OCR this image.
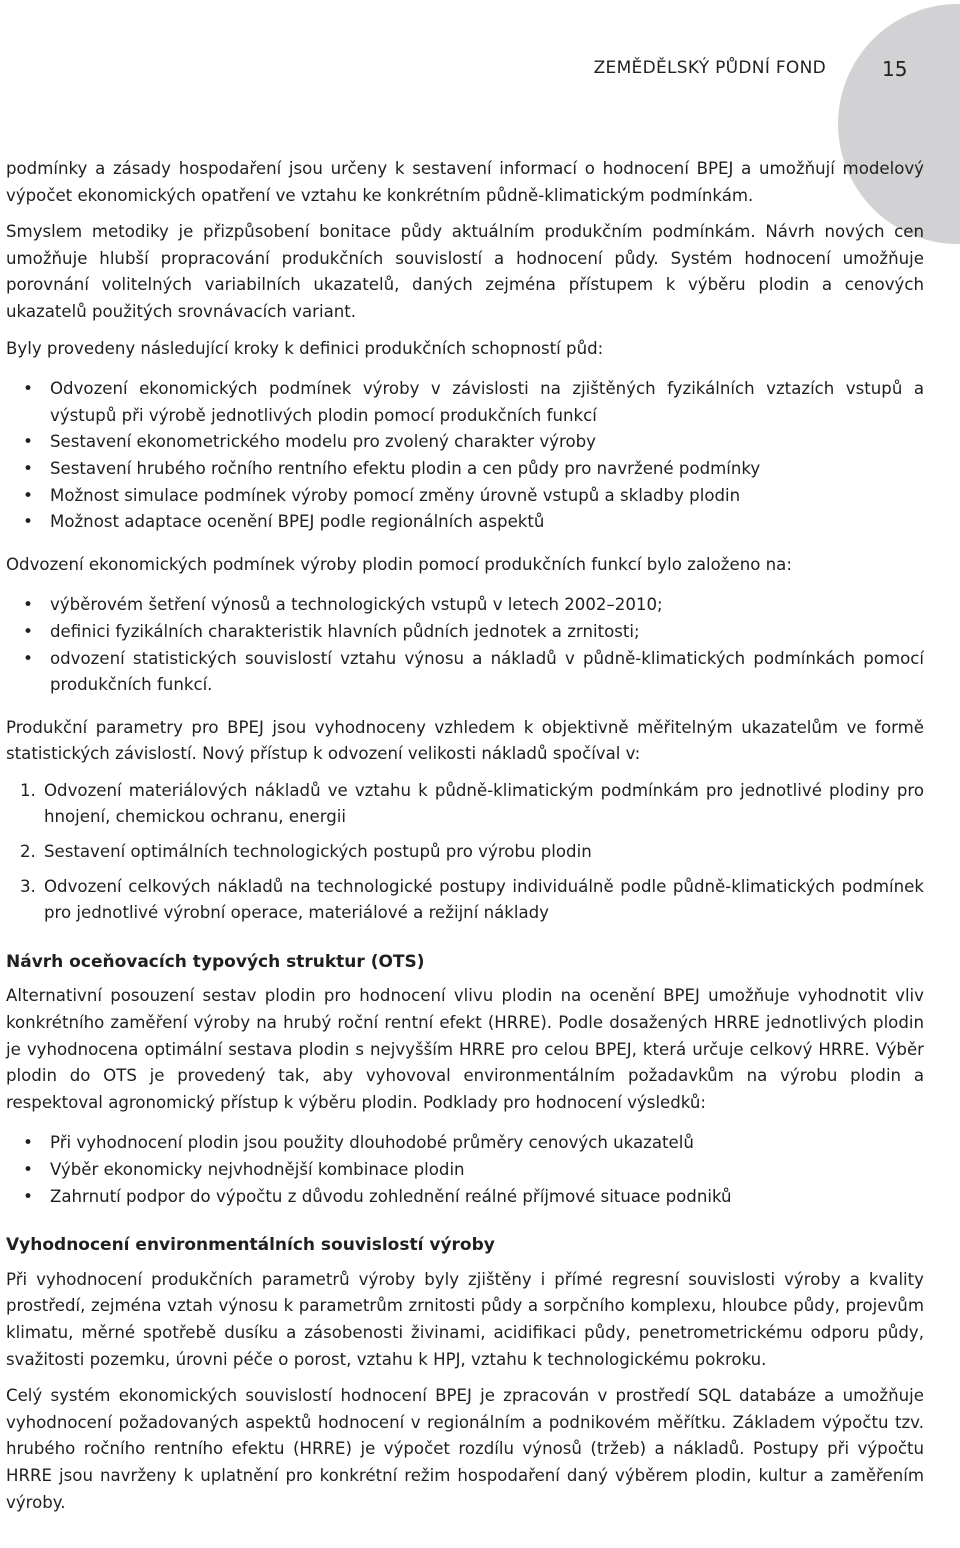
ZEMĚDĚLSKÝ PŮDNÍ FOND	15

podmínky a zásady hospodaření jsou určeny k sestavení informací o hodnocení BPEJ a umožňují modelový výpočet ekonomických opatření ve vztahu ke konkrétním půdně-klimatickým podmínkám.

Smyslem metodiky je přizpůsobení bonitace půdy aktuálním produkčním podmínkám. Návrh nových cen umožňuje hlubší propracování produkčních souvislostí a hodnocení půdy. Systém hodnocení umožňuje porovnání volitelných variabilních ukazatelů, daných zejména přístupem k výběru plodin a cenových ukazatelů použitých srovnávacích variant.

Byly provedeny následující kroky k definici produkčních schopností půd:

• Odvození ekonomických podmínek výroby v závislosti na zjištěných fyzikálních vztazích vstupů a výstupů při výrobě jednotlivých plodin pomocí produkčních funkcí
• Sestavení ekonometrického modelu pro zvolený charakter výroby
• Sestavení hrubého ročního rentního efektu plodin a cen půdy pro navržené podmínky
• Možnost simulace podmínek výroby pomocí změny úrovně vstupů a skladby plodin
• Možnost adaptace ocenění BPEJ podle regionálních aspektů

Odvození ekonomických podmínek výroby plodin pomocí produkčních funkcí bylo založeno na:

• výběrovém šetření výnosů a technologických vstupů v letech 2002–2010;
• definici fyzikálních charakteristik hlavních půdních jednotek a zrnitosti;
• odvození statistických souvislostí vztahu výnosu a nákladů v půdně-klimatických podmínkách pomocí produkčních funkcí.

Produkční parametry pro BPEJ jsou vyhodnoceny vzhledem k objektivně měřitelným ukazatelům ve formě statistických závislostí. Nový přístup k odvození velikosti nákladů spočíval v:

1. Odvození materiálových nákladů ve vztahu k půdně-klimatickým podmínkám pro jednotlivé plodiny pro hnojení, chemickou ochranu, energii
2. Sestavení optimálních technologických postupů pro výrobu plodin
3. Odvození celkových nákladů na technologické postupy individuálně podle půdně-klimatických podmínek pro jednotlivé výrobní operace, materiálové a režijní náklady
Návrh oceňovacích typových struktur (OTS)

Alternativní posouzení sestav plodin pro hodnocení vlivu plodin na ocenění BPEJ umožňuje vyhodnotit vliv konkrétního zaměření výroby na hrubý roční rentní efekt (HRRE). Podle dosažených HRRE jednotlivých plodin je vyhodnocena optimální sestava plodin s nejvyšším HRRE pro celou BPEJ, která určuje celkový HRRE. Výběr plodin do OTS je provedený tak, aby vyhovoval environmentálním požadavkům na výrobu plodin a respektoval agronomický přístup k výběru plodin. Podklady pro hodnocení výsledků:

• Při vyhodnocení plodin jsou použity dlouhodobé průměry cenových ukazatelů
• Výběr ekonomicky nejvhodnější kombinace plodin
• Zahrnutí podpor do výpočtu z důvodu zohlednění reálné příjmové situace podniků
Vyhodnocení environmentálních souvislostí výroby

Při vyhodnocení produkčních parametrů výroby byly zjištěny i přímé regresní souvislosti výroby a kvality prostředí, zejména vztah výnosu k parametrům zrnitosti půdy a sorpčního komplexu, hloubce půdy, projevům klimatu, měrné spotřebě dusíku a zásobenosti živinami, acidifikaci půdy, penetrometrickému odporu půdy, svažitosti pozemku, úrovni péče o porost, vztahu k HPJ, vztahu k technologickému pokroku.

Celý systém ekonomických souvislostí hodnocení BPEJ je zpracován v prostředí SQL databáze a umožňuje vyhodnocení požadovaných aspektů hodnocení v regionálním a podnikovém měřítku. Základem výpočtu tzv. hrubého ročního rentního efektu (HRRE) je výpočet rozdílu výnosů (tržeb) a nákladů. Postupy při výpočtu HRRE jsou navrženy k uplatnění pro konkrétní režim hospodaření daný výběrem plodin, kultur a zaměřením výroby.
